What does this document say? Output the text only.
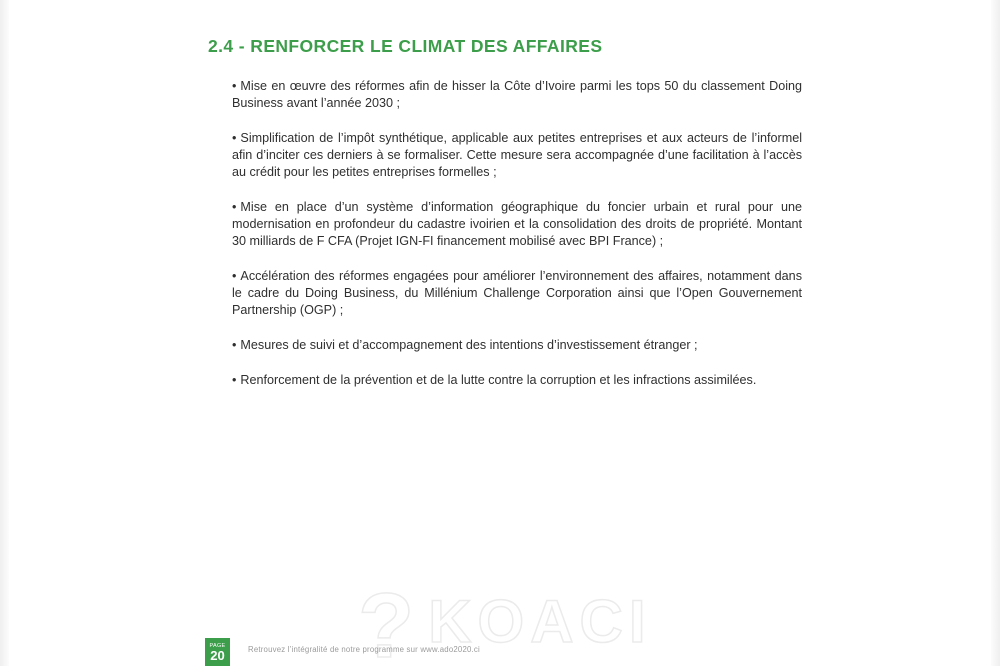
? KOACI
2.4 - RENFORCER LE CLIMAT DES AFFAIRES

• Mise en œuvre des réformes afin de hisser la Côte d’Ivoire parmi les tops 50 du classement Doing Business avant l’année 2030 ;

• Simplification de l’impôt synthétique, applicable aux petites entreprises et aux acteurs de l’informel afin d’inciter ces derniers à se formaliser. Cette mesure sera accompagnée d’une facilitation à l’accès au crédit pour les petites entreprises formelles ;

• Mise en place d’un système d’information géographique du foncier urbain et rural pour une modernisation en profondeur du cadastre ivoirien et la consolidation des droits de propriété. Montant 30 milliards de F CFA (Projet IGN-FI financement mobilisé avec BPI France) ;

• Accélération des réformes engagées pour améliorer l’environnement des affaires, notamment dans le cadre du Doing Business, du Millénium Challenge Corporation ainsi que l’Open Gouvernement Partnership (OGP) ;

• Mesures de suivi et d’accompagnement des intentions d’investissement étranger ;

• Renforcement de la prévention et de la lutte contre la corruption et les infractions assimilées.

PAGE
20	Retrouvez l’intégralité de notre programme sur www.ado2020.ci
